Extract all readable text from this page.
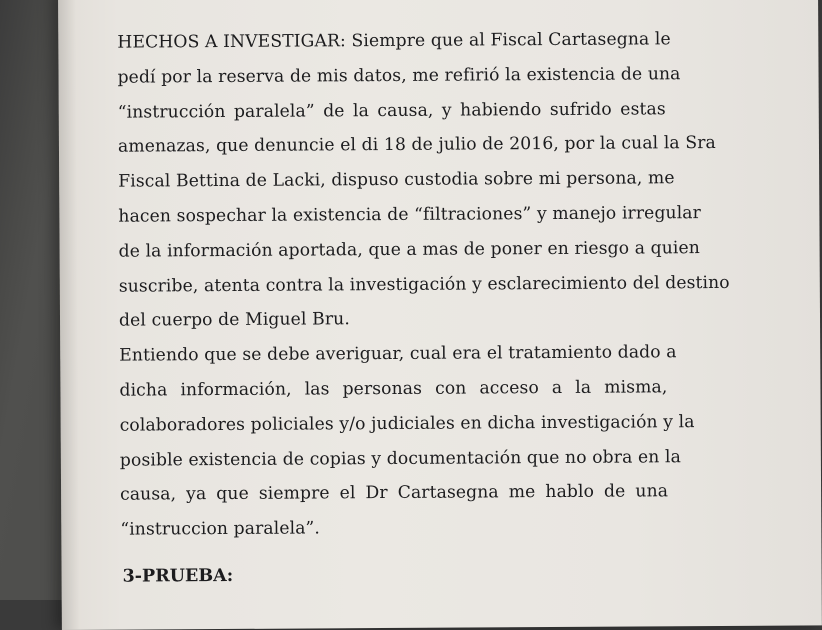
HECHOS A INVESTIGAR: Siempre que al Fiscal Cartasegna le
pedí por la reserva de mis datos, me refirió la existencia de una
“instrucción paralela” de la causa, y habiendo sufrido estas
amenazas, que denuncie el di 18 de julio de 2016, por la cual la Sra
Fiscal Bettina de Lacki, dispuso custodia sobre mi persona, me
hacen sospechar la existencia de “filtraciones” y manejo irregular
de la información aportada, que a mas de poner en riesgo a quien
suscribe, atenta contra la investigación y esclarecimiento del destino
del cuerpo de Miguel Bru.
Entiendo que se debe averiguar, cual era el tratamiento dado a
dicha información, las personas con acceso a la misma,
colaboradores policiales y/o judiciales en dicha investigación y la
posible existencia de copias y documentación que no obra en la
causa, ya que siempre el Dr Cartasegna me hablo de una
“instruccion paralela”.
3-PRUEBA:
